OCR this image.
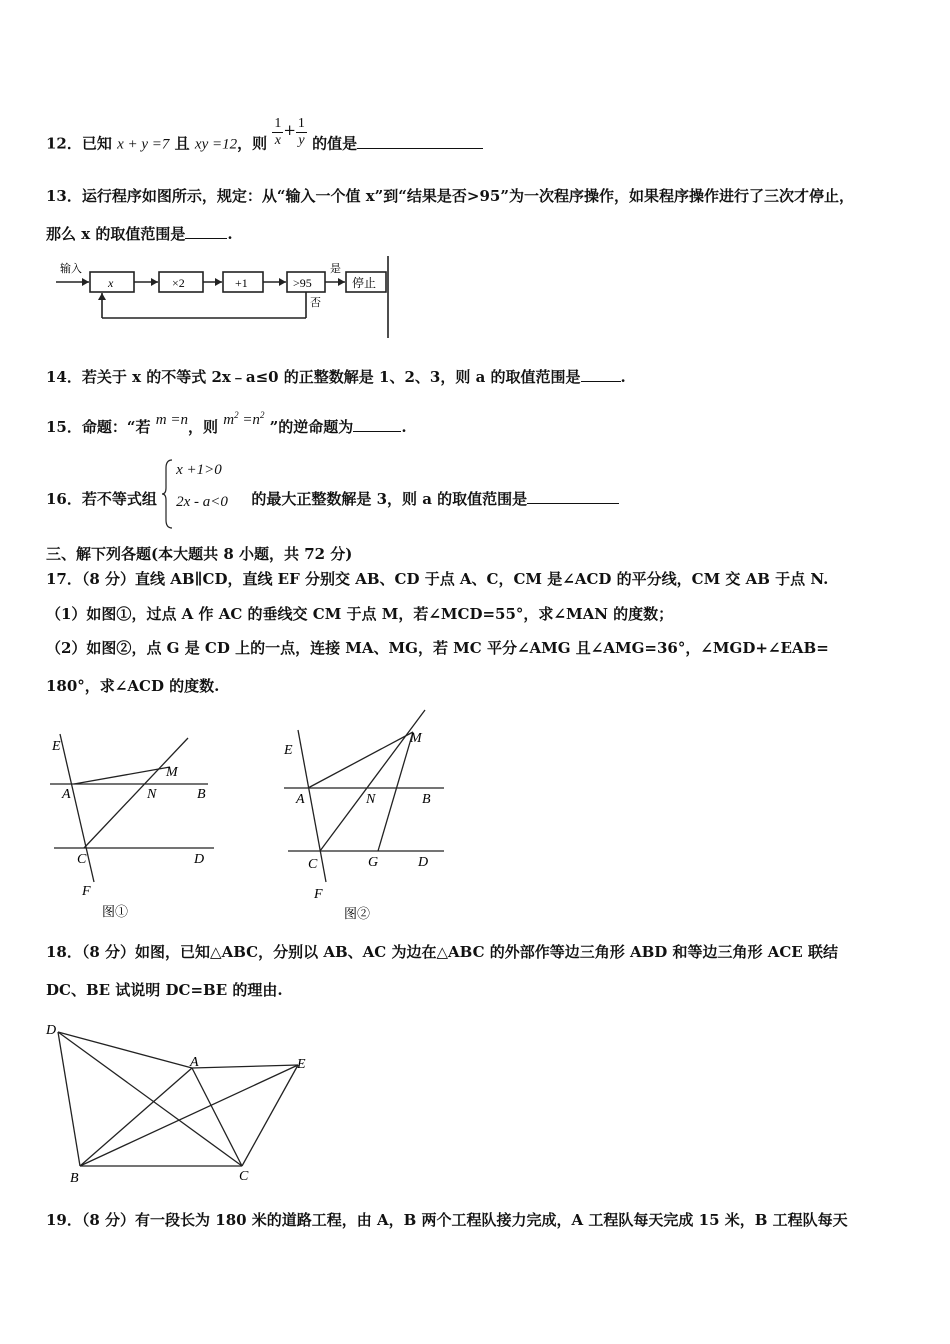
12．已知 x + y =7 且 xy =12，则 $\frac{1}{x} + \frac{1}{y}$ 的值是
13．运行程序如图所示，规定：从“输入一个值 x”到“结果是否>95”为一次程序操作，如果程序操作进行了三次才停止，
那么 x 的取值范围是	.
输入
x	×2	+1	>95
是
否
停止
14．若关于 x 的不等式 2x﹣a≤0 的正整数解是 1、2、3，则 a 的取值范围是	.
15．命题：“若 m =n，则 $m^2 =n^2$ ”的逆命题为	.
16．若不等式组
x +1>0
2x - a<0 的最大正整数解是 3，则 a 的取值范围是
三、解下列各题(本大题共 8 小题，共 72 分)
17．（8 分）直线 AB∥CD，直线 EF 分别交 AB、CD 于点 A、C，CM 是∠ACD 的平分线，CM 交 AB 于点 N.
（1）如图①，过点 A 作 AC 的垂线交 CM 于点 M，若∠MCD=55°，求∠MAN 的度数；
（2）如图②，点 G 是 CD 上的一点，连接 MA、MG，若 MC 平分∠AMG 且∠AMG=36°，∠MGD+∠EAB=
180°，求∠ACD 的度数.
E
A
M
N	B
C	D
F
图①
E
M
A	N	B
C	G	D
F
图②
18．（8 分）如图，已知△ABC，分别以 AB、AC 为边在△ABC 的外部作等边三角形 ABD 和等边三角形 ACE 联结
DC、BE 试说明 DC=BE 的理由.
D
A	E
B	C
19．（8 分）有一段长为 180 米的道路工程，由 A，B 两个工程队接力完成，A 工程队每天完成 15 米，B 工程队每天
